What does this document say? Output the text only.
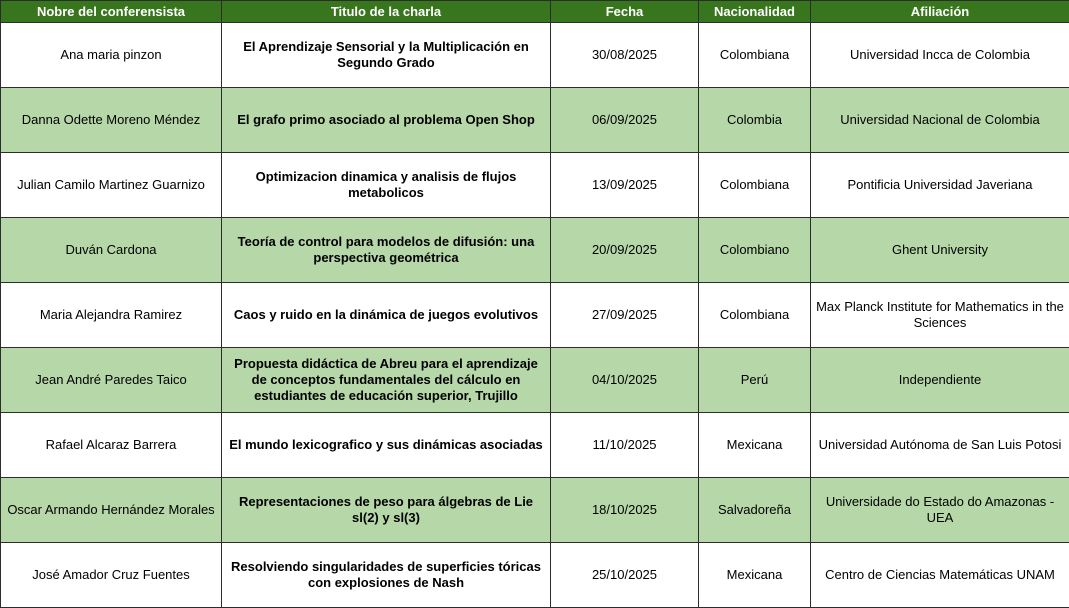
Nobre del conferensista	Titulo de la charla	Fecha	Nacionalidad	Afiliación
Ana maria pinzon	El Aprendizaje Sensorial y la Multiplicación en Segundo Grado	30/08/2025	Colombiana	Universidad Incca de Colombia
Danna Odette Moreno Méndez	El grafo primo asociado al problema Open Shop	06/09/2025	Colombia	Universidad Nacional de Colombia
Julian Camilo Martinez Guarnizo	Optimizacion dinamica y analisis de flujos metabolicos	13/09/2025	Colombiana	Pontificia Universidad Javeriana
Duván Cardona	Teoría de control para modelos de difusión: una perspectiva geométrica	20/09/2025	Colombiano	Ghent University
Maria Alejandra Ramirez	Caos y ruido en la dinámica de juegos evolutivos	27/09/2025	Colombiana	Max Planck Institute for Mathematics in the Sciences
Jean André Paredes Taico	Propuesta didáctica de Abreu para el aprendizaje de conceptos fundamentales del cálculo en estudiantes de educación superior, Trujillo	04/10/2025	Perú	Independiente
Rafael Alcaraz Barrera	El mundo lexicografico y sus dinámicas asociadas	11/10/2025	Mexicana	Universidad Autónoma de San Luis Potosi
Oscar Armando Hernández Morales	Representaciones de peso para álgebras de Lie sl(2) y sl(3)	18/10/2025	Salvadoreña	Universidade do Estado do Amazonas - UEA
José Amador Cruz Fuentes	Resolviendo singularidades de superficies tóricas con explosiones de Nash	25/10/2025	Mexicana	Centro de Ciencias Matemáticas UNAM
